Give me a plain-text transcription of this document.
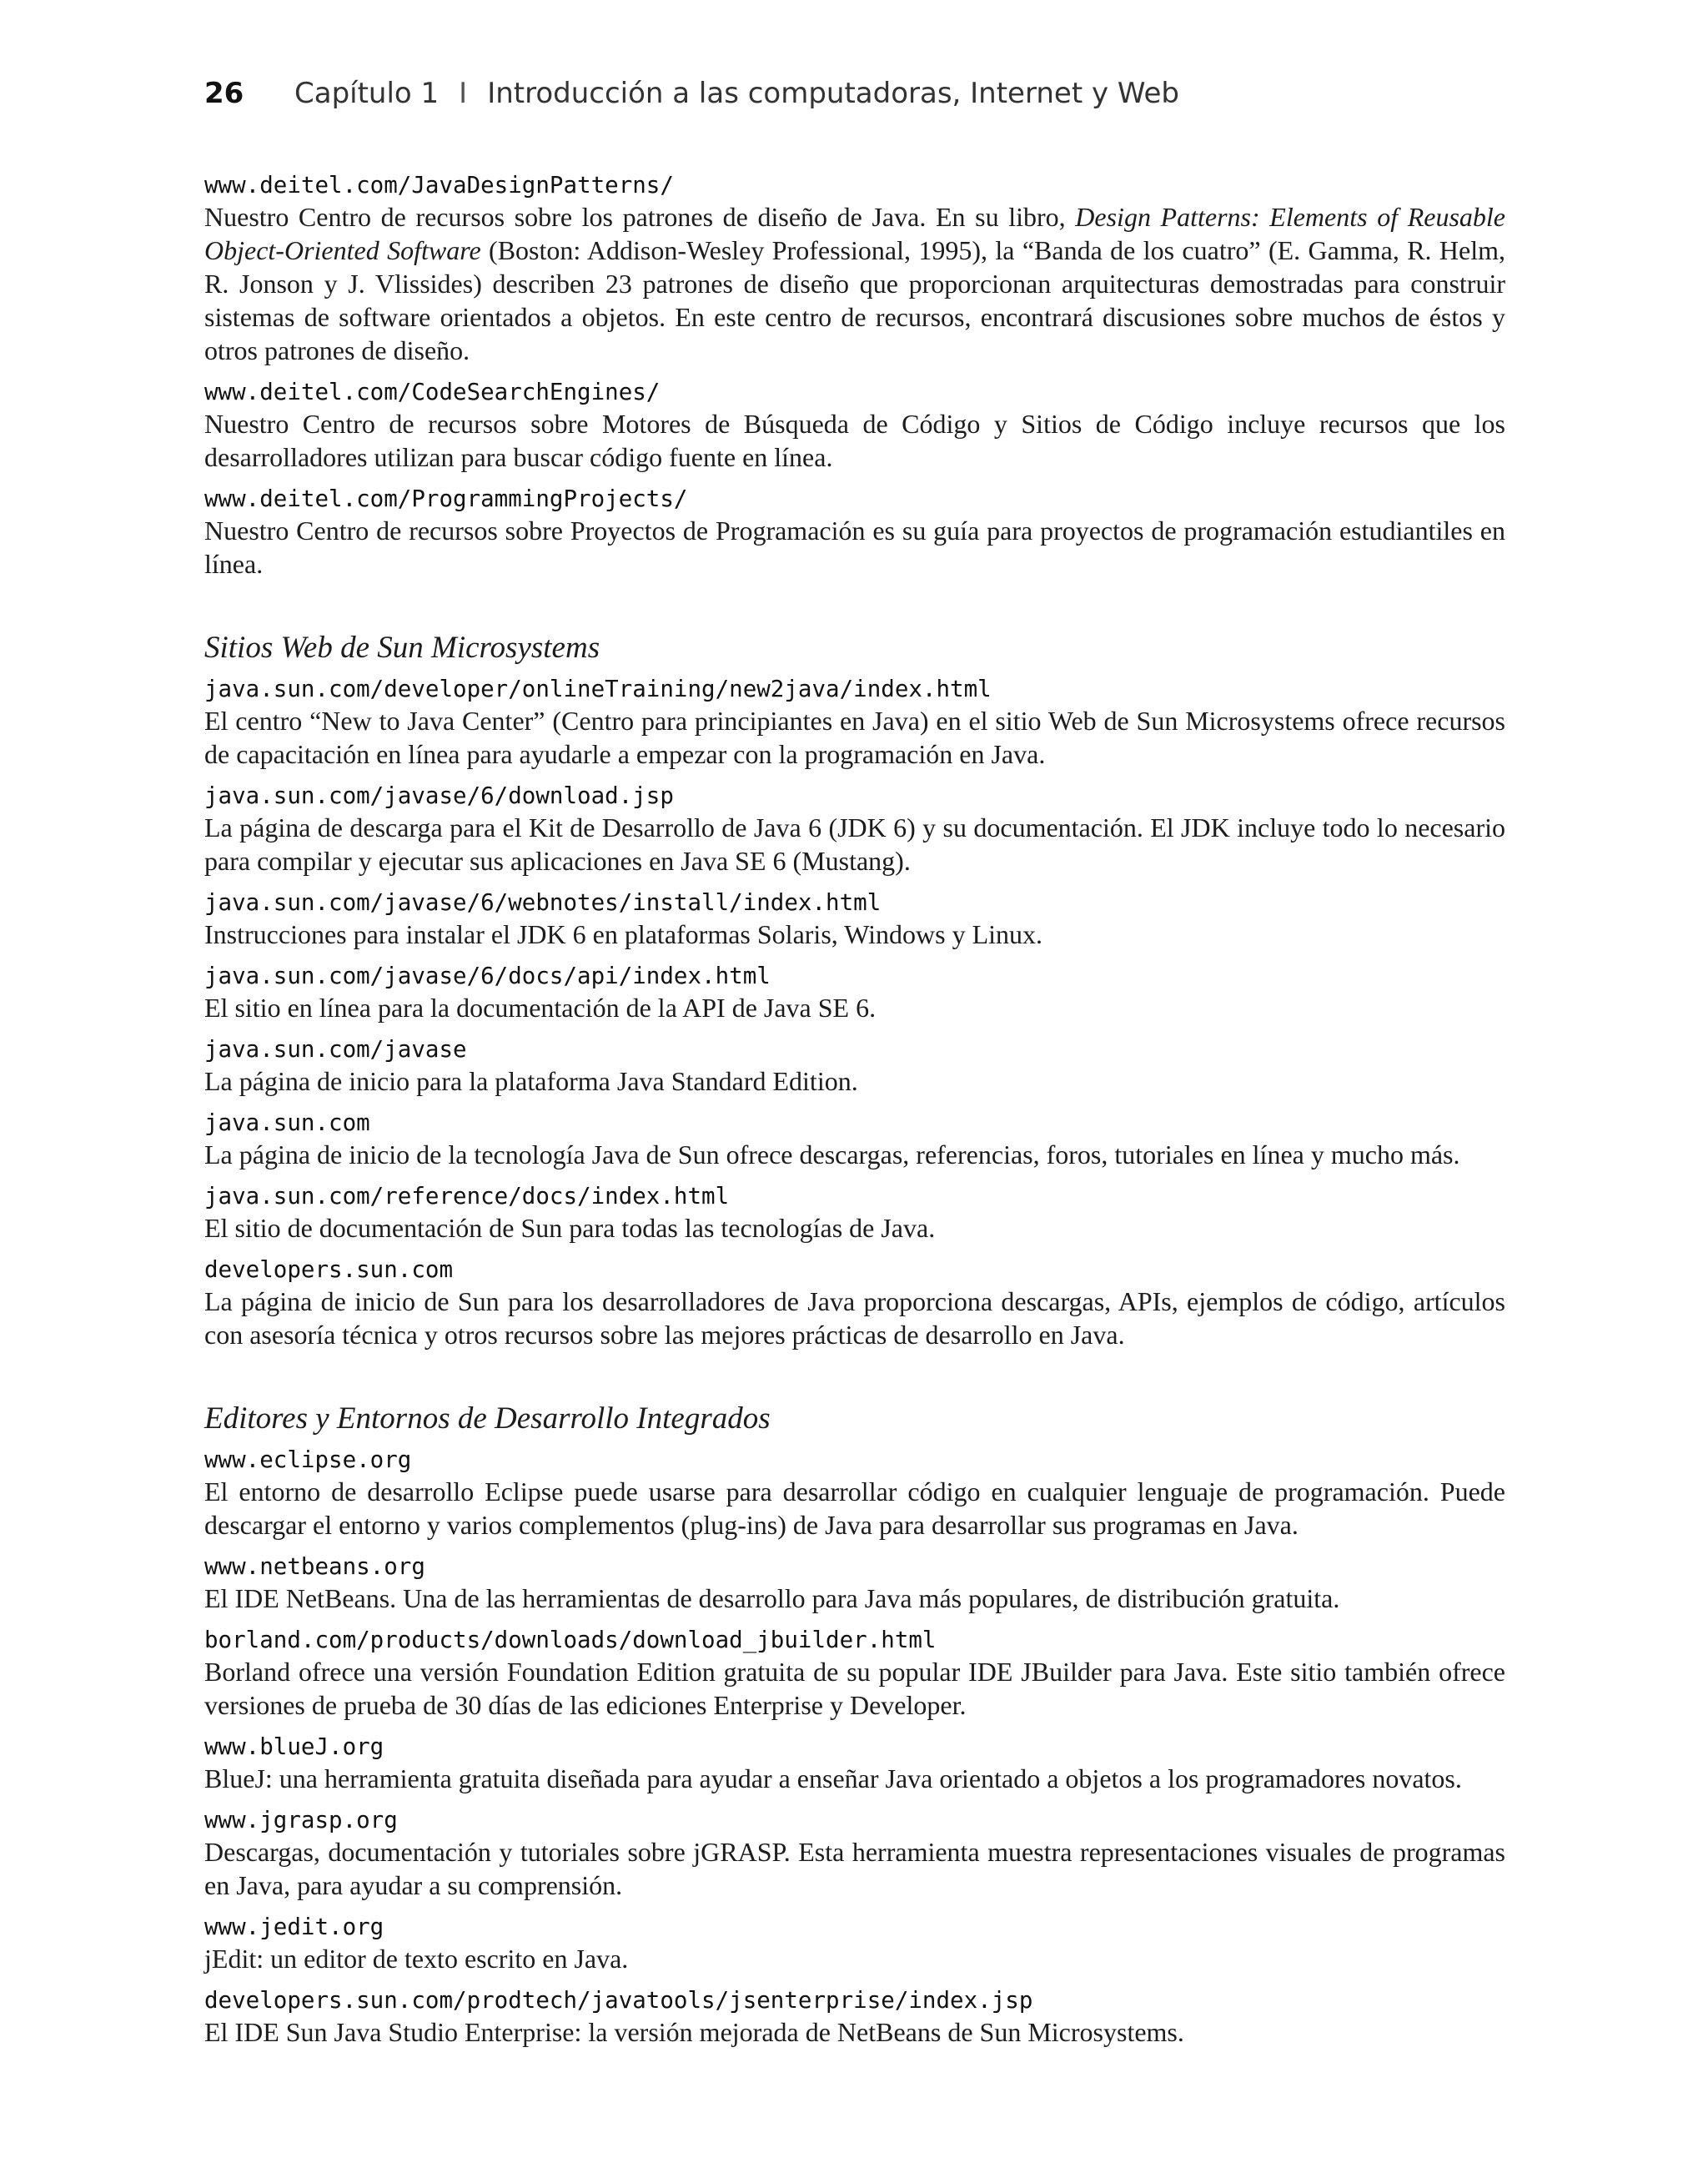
26	Capítulo 1 I Introducción a las computadoras, Internet y Web
www.deitel.com/JavaDesignPatterns/
Nuestro Centro de recursos sobre los patrones de diseño de Java. En su libro, Design Patterns: Elements of Reusable Object-Oriented Software (Boston: Addison-Wesley Professional, 1995), la “Banda de los cuatro” (E. Gamma, R. Helm, R. Jonson y J. Vlissides) describen 23 patrones de diseño que proporcionan arquitecturas demostradas para construir sistemas de software orientados a objetos. En este centro de recursos, encontrará discusiones sobre muchos de éstos y otros patrones de diseño.
www.deitel.com/CodeSearchEngines/
Nuestro Centro de recursos sobre Motores de Búsqueda de Código y Sitios de Código incluye recursos que los desarrolladores utilizan para buscar código fuente en línea.
www.deitel.com/ProgrammingProjects/
Nuestro Centro de recursos sobre Proyectos de Programación es su guía para proyectos de programación estudiantiles en línea.
Sitios Web de Sun Microsystems
java.sun.com/developer/onlineTraining/new2java/index.html
El centro “New to Java Center” (Centro para principiantes en Java) en el sitio Web de Sun Microsystems ofrece recursos de capacitación en línea para ayudarle a empezar con la programación en Java.
java.sun.com/javase/6/download.jsp
La página de descarga para el Kit de Desarrollo de Java 6 (JDK 6) y su documentación. El JDK incluye todo lo necesario para compilar y ejecutar sus aplicaciones en Java SE 6 (Mustang).
java.sun.com/javase/6/webnotes/install/index.html
Instrucciones para instalar el JDK 6 en plataformas Solaris, Windows y Linux.
java.sun.com/javase/6/docs/api/index.html
El sitio en línea para la documentación de la API de Java SE 6.
java.sun.com/javase
La página de inicio para la plataforma Java Standard Edition.
java.sun.com
La página de inicio de la tecnología Java de Sun ofrece descargas, referencias, foros, tutoriales en línea y mucho más.
java.sun.com/reference/docs/index.html
El sitio de documentación de Sun para todas las tecnologías de Java.
developers.sun.com
La página de inicio de Sun para los desarrolladores de Java proporciona descargas, APIs, ejemplos de código, artículos con asesoría técnica y otros recursos sobre las mejores prácticas de desarrollo en Java.
Editores y Entornos de Desarrollo Integrados
www.eclipse.org
El entorno de desarrollo Eclipse puede usarse para desarrollar código en cualquier lenguaje de programación. Puede descargar el entorno y varios complementos (plug-ins) de Java para desarrollar sus programas en Java.
www.netbeans.org
El IDE NetBeans. Una de las herramientas de desarrollo para Java más populares, de distribución gratuita.
borland.com/products/downloads/download_jbuilder.html
Borland ofrece una versión Foundation Edition gratuita de su popular IDE JBuilder para Java. Este sitio también ofrece versiones de prueba de 30 días de las ediciones Enterprise y Developer.
www.blueJ.org
BlueJ: una herramienta gratuita diseñada para ayudar a enseñar Java orientado a objetos a los programadores novatos.
www.jgrasp.org
Descargas, documentación y tutoriales sobre jGRASP. Esta herramienta muestra representaciones visuales de programas en Java, para ayudar a su comprensión.
www.jedit.org
jEdit: un editor de texto escrito en Java.
developers.sun.com/prodtech/javatools/jsenterprise/index.jsp
El IDE Sun Java Studio Enterprise: la versión mejorada de NetBeans de Sun Microsystems.
